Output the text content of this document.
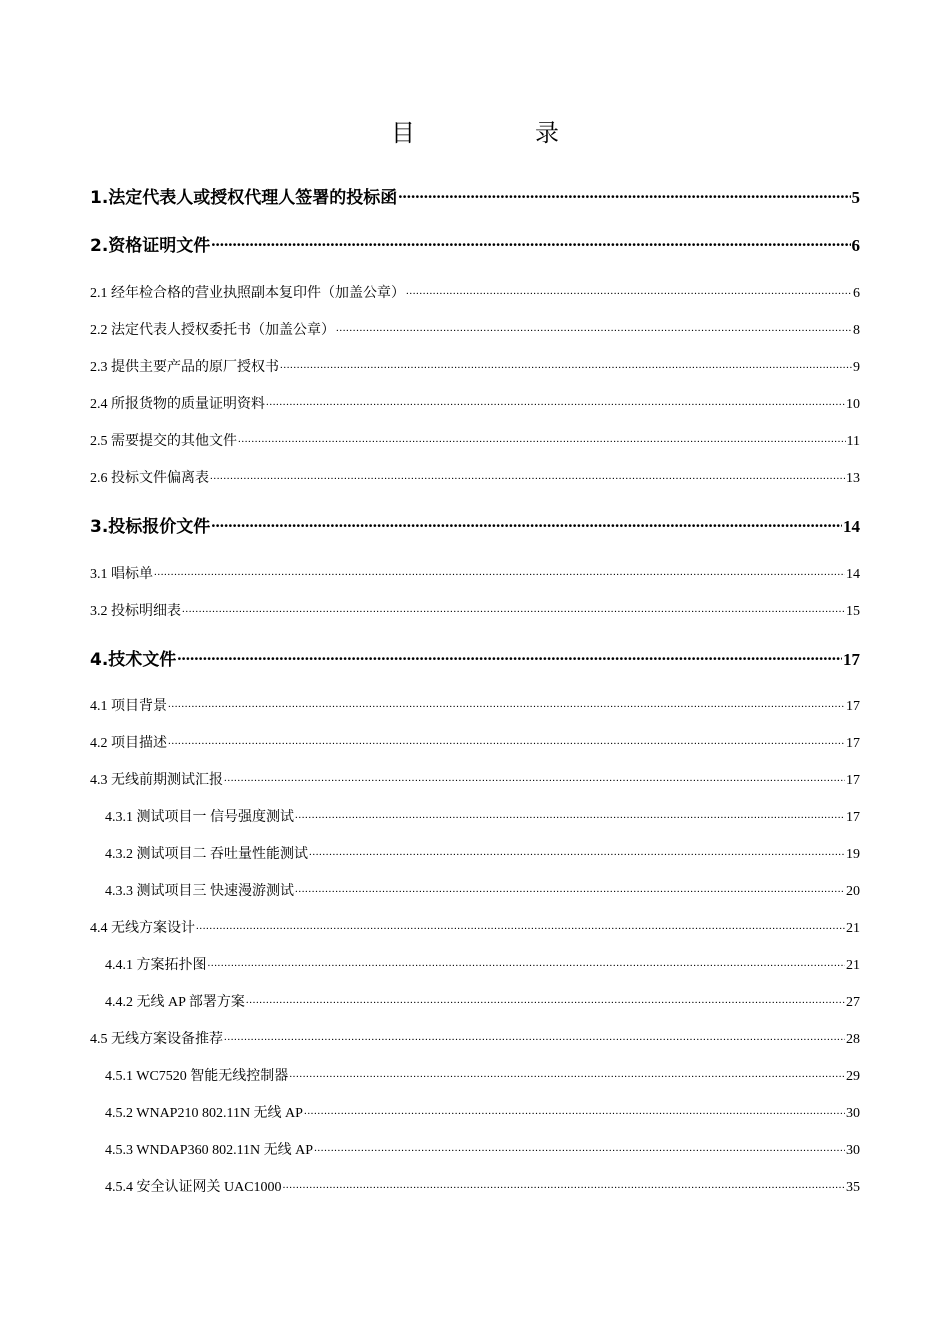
目　录
1.法定代表人或授权代理人签署的投标函 .....	5
2.资格证明文件 .....	6
2.1 经年检合格的营业执照副本复印件（加盖公章） .....	6
2.2 法定代表人授权委托书（加盖公章） .....	8
2.3 提供主要产品的原厂授权书 .....	9
2.4 所报货物的质量证明资料 .....	10
2.5 需要提交的其他文件 .....	11
2.6 投标文件偏离表 .....	13
3.投标报价文件 .....	14
3.1 唱标单 .....	14
3.2 投标明细表 .....	15
4.技术文件 .....	17
4.1 项目背景 .....	17
4.2 项目描述 .....	17
4.3 无线前期测试汇报 .....	17
4.3.1 测试项目一 信号强度测试 .....	17
4.3.2 测试项目二 吞吐量性能测试 .....	19
4.3.3 测试项目三 快速漫游测试 .....	20
4.4 无线方案设计 .....	21
4.4.1 方案拓扑图 .....	21
4.4.2 无线 AP 部署方案 .....	27
4.5 无线方案设备推荐 .....	28
4.5.1 WC7520 智能无线控制器 .....	29
4.5.2 WNAP210 802.11N 无线 AP .....	30
4.5.3 WNDAP360 802.11N 无线 AP .....	30
4.5.4 安全认证网关 UAC1000 .....	35
